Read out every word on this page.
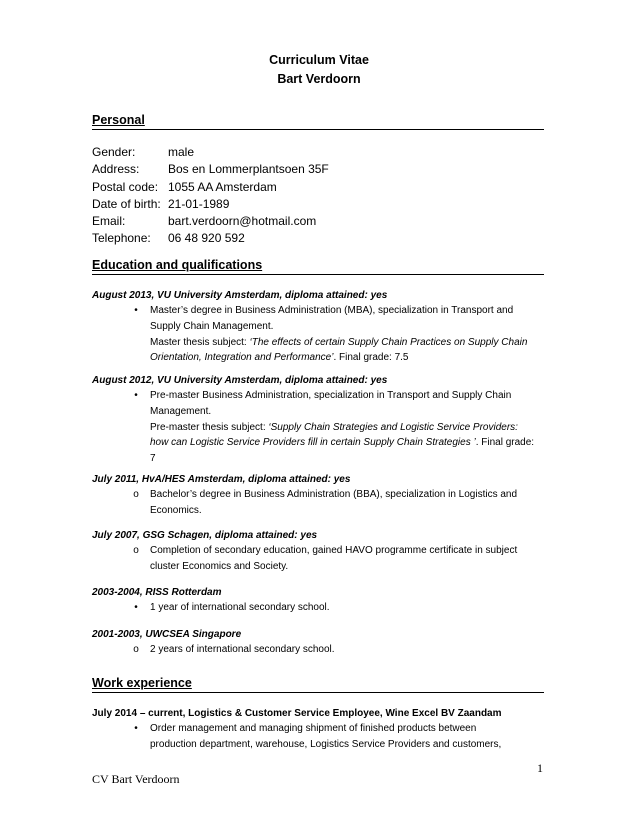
Curriculum Vitae
Bart Verdoorn
Personal
Gender:	male
Address:	Bos en Lommerplantsoen 35F
Postal code: 1055 AA Amsterdam
Date of birth: 21-01-1989
Email:	bart.verdoorn@hotmail.com
Telephone:	06 48 920 592
Education and qualifications
August 2013, VU University Amsterdam, diploma attained: yes
•	Master’s degree in Business Administration (MBA), specialization in Transport and
Supply Chain Management.
Master thesis subject: ‘The effects of certain Supply Chain Practices on Supply Chain
Orientation, Integration and Performance’. Final grade: 7.5
August 2012, VU University Amsterdam, diploma attained: yes
•	Pre-master Business Administration, specialization in Transport and Supply Chain
Management.
Pre-master thesis subject: ‘Supply Chain Strategies and Logistic Service Providers:
how can Logistic Service Providers fill in certain Supply Chain Strategies ’. Final grade:
7
July 2011, HvA/HES Amsterdam, diploma attained: yes
o	Bachelor’s degree in Business Administration (BBA), specialization in Logistics and
Economics.
July 2007, GSG Schagen, diploma attained: yes
o	Completion of secondary education, gained HAVO programme certificate in subject
cluster Economics and Society.
2003-2004, RISS Rotterdam
•	1 year of international secondary school.
2001-2003, UWCSEA Singapore
o	2 years of international secondary school.
Work experience
July 2014 – current, Logistics & Customer Service Employee, Wine Excel BV Zaandam
•	Order management and managing shipment of finished products between
production department, warehouse, Logistics Service Providers and customers,
1
CV Bart Verdoorn
